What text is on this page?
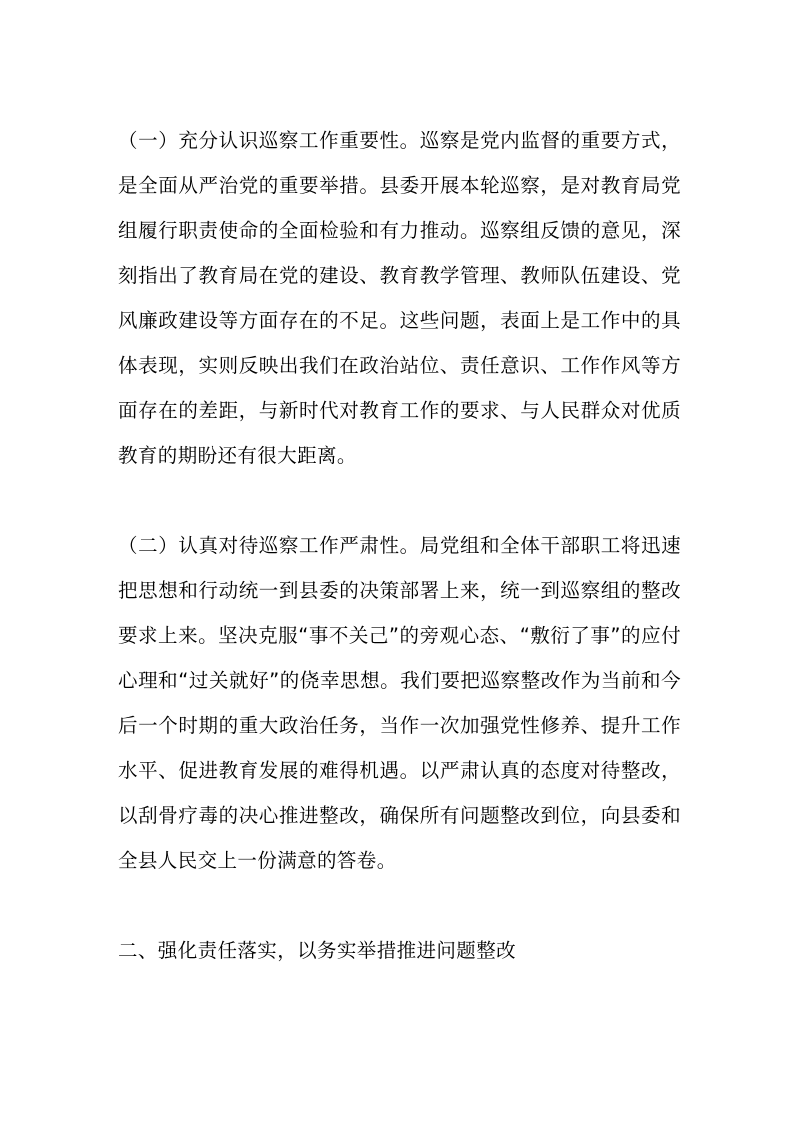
（一）充分认识巡察工作重要性。巡察是党内监督的重要方式，是全面从严治党的重要举措。县委开展本轮巡察，是对教育局党组履行职责使命的全面检验和有力推动。巡察组反馈的意见，深刻指出了教育局在党的建设、教育教学管理、教师队伍建设、党风廉政建设等方面存在的不足。这些问题，表面上是工作中的具体表现，实则反映出我们在政治站位、责任意识、工作作风等方面存在的差距，与新时代对教育工作的要求、与人民群众对优质教育的期盼还有很大距离。

（二）认真对待巡察工作严肃性。局党组和全体干部职工将迅速把思想和行动统一到县委的决策部署上来，统一到巡察组的整改要求上来。坚决克服“事不关己”的旁观心态、“敷衍了事”的应付心理和“过关就好”的侥幸思想。我们要把巡察整改作为当前和今后一个时期的重大政治任务，当作一次加强党性修养、提升工作水平、促进教育发展的难得机遇。以严肃认真的态度对待整改，以刮骨疗毒的决心推进整改，确保所有问题整改到位，向县委和全县人民交上一份满意的答卷。

二、强化责任落实，以务实举措推进问题整改
